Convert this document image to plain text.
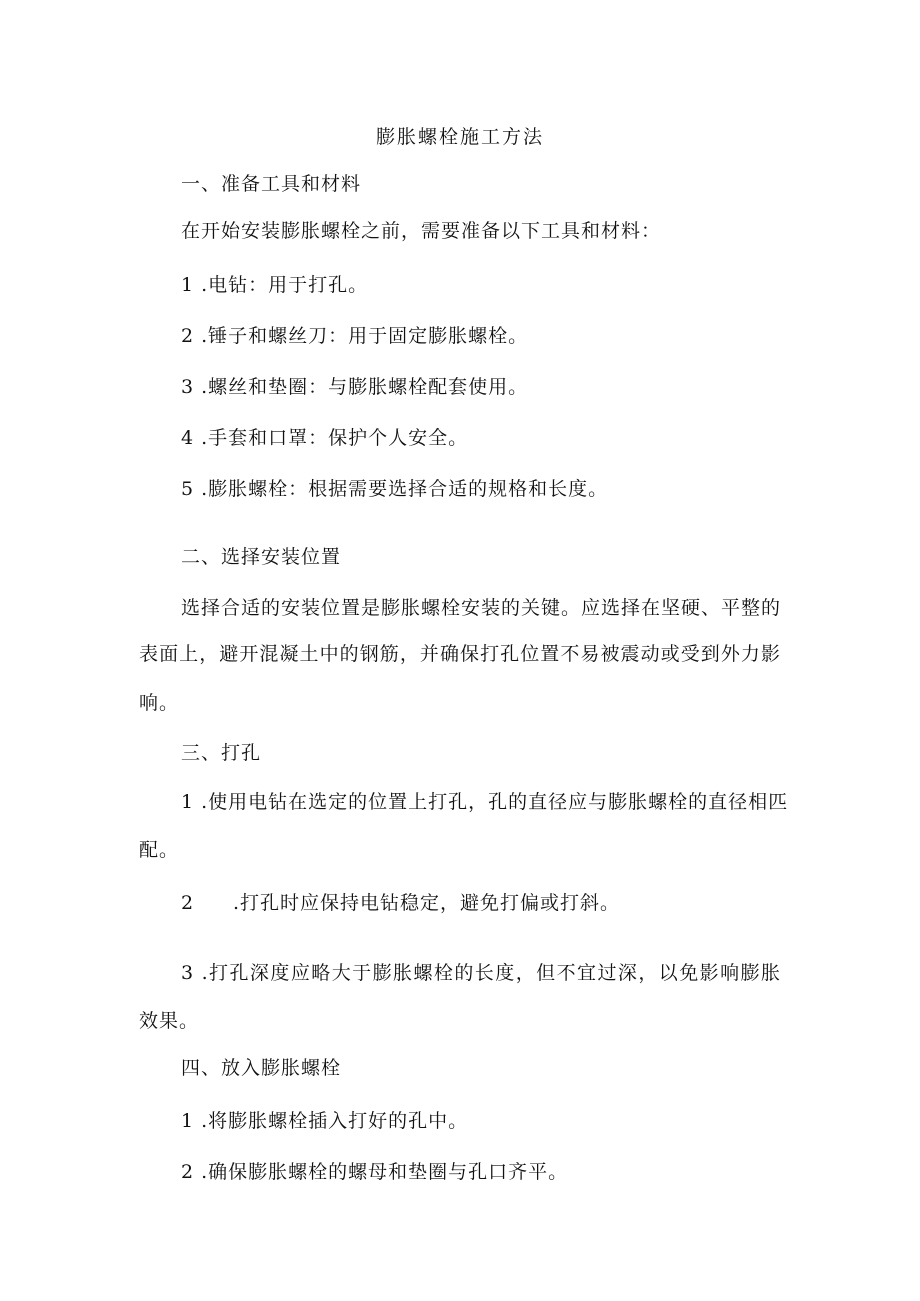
膨胀螺栓施工方法

一、准备工具和材料

在开始安装膨胀螺栓之前，需要准备以下工具和材料：

1 .电钻：用于打孔。

2 .锤子和螺丝刀：用于固定膨胀螺栓。

3 .螺丝和垫圈：与膨胀螺栓配套使用。

4 .手套和口罩：保护个人安全。

5 .膨胀螺栓：根据需要选择合适的规格和长度。

二、选择安装位置

选择合适的安装位置是膨胀螺栓安装的关键。应选择在坚硬、平整的

表面上，避开混凝土中的钢筋，并确保打孔位置不易被震动或受到外力影

响。

三、打孔

1 .使用电钻在选定的位置上打孔，孔的直径应与膨胀螺栓的直径相匹

配。

2 .打孔时应保持电钻稳定，避免打偏或打斜。

3 .打孔深度应略大于膨胀螺栓的长度，但不宜过深，以免影响膨胀

效果。

四、放入膨胀螺栓

1 .将膨胀螺栓插入打好的孔中。

2 .确保膨胀螺栓的螺母和垫圈与孔口齐平。
